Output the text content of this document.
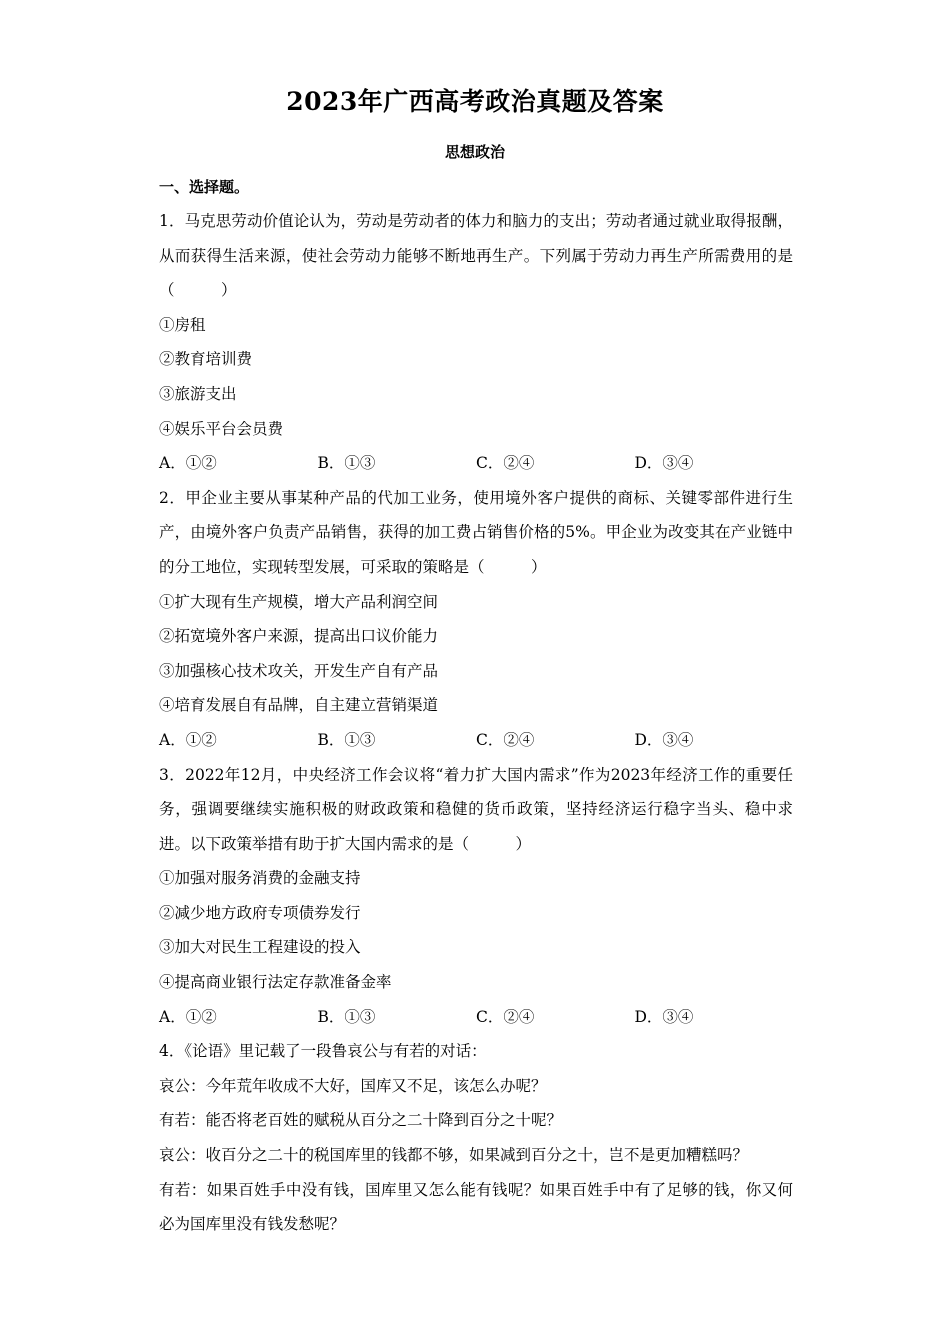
2023年广西高考政治真题及答案
思想政治
一、选择题。
1．马克思劳动价值论认为，劳动是劳动者的体力和脑力的支出；劳动者通过就业取得报酬，从而获得生活来源，使社会劳动力能够不断地再生产。下列属于劳动力再生产所需费用的是（　　　）
①房租
②教育培训费
③旅游支出
④娱乐平台会员费
A．①②	B．①③	C．②④	D．③④
2．甲企业主要从事某种产品的代加工业务，使用境外客户提供的商标、关键零部件进行生产，由境外客户负责产品销售，获得的加工费占销售价格的5%。甲企业为改变其在产业链中的分工地位，实现转型发展，可采取的策略是（　　　）
①扩大现有生产规模，增大产品利润空间
②拓宽境外客户来源，提高出口议价能力
③加强核心技术攻关，开发生产自有产品
④培育发展自有品牌，自主建立营销渠道
A．①②	B．①③	C．②④	D．③④
3．2022年12月，中央经济工作会议将“着力扩大国内需求”作为2023年经济工作的重要任务，强调要继续实施积极的财政政策和稳健的货币政策，坚持经济运行稳字当头、稳中求进。以下政策举措有助于扩大国内需求的是（　　　）
①加强对服务消费的金融支持
②减少地方政府专项债券发行
③加大对民生工程建设的投入
④提高商业银行法定存款准备金率
A．①②	B．①③	C．②④	D．③④
4．《论语》里记载了一段鲁哀公与有若的对话：
哀公：今年荒年收成不大好，国库又不足，该怎么办呢？
有若：能否将老百姓的赋税从百分之二十降到百分之十呢？
哀公：收百分之二十的税国库里的钱都不够，如果减到百分之十，岂不是更加糟糕吗？
有若：如果百姓手中没有钱，国库里又怎么能有钱呢？如果百姓手中有了足够的钱，你又何必为国库里没有钱发愁呢？
